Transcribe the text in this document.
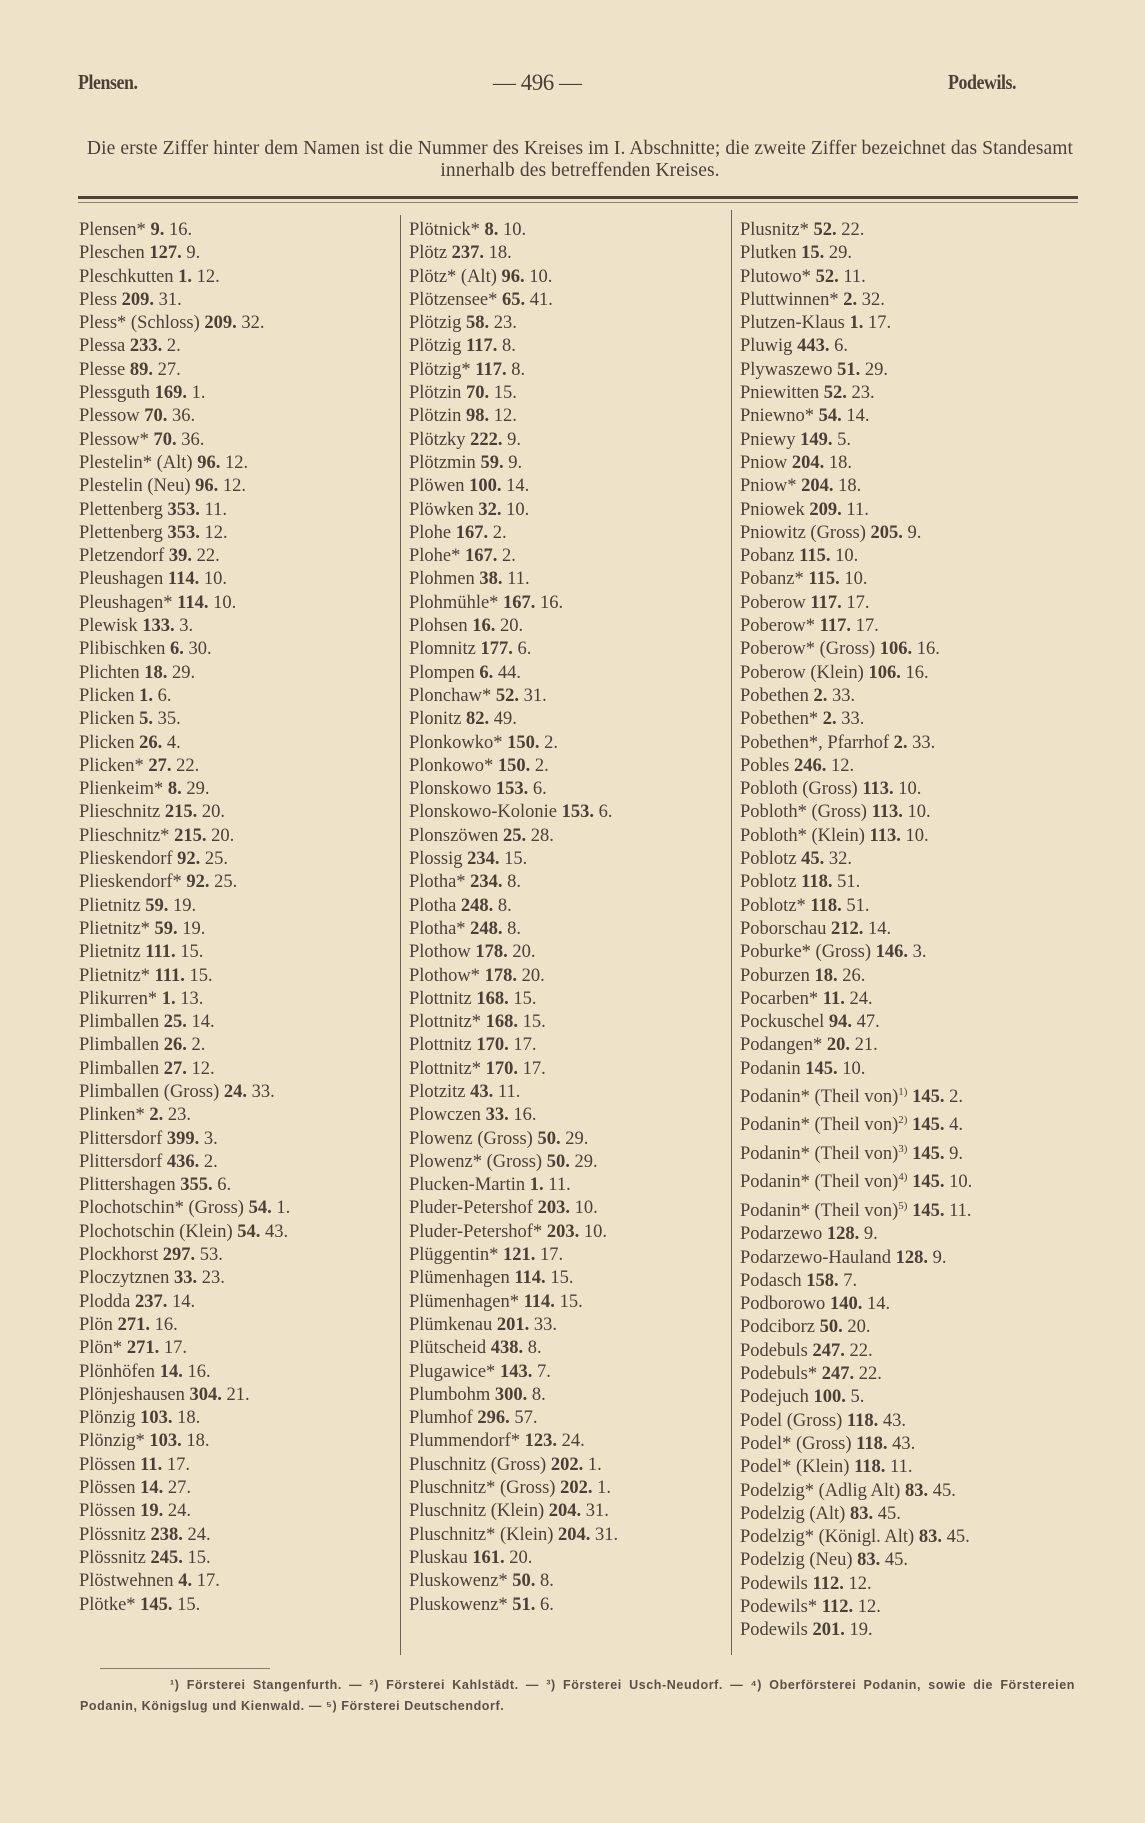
Plensen.	— 496 —	Podewils.
Die erste Ziffer hinter dem Namen ist die Nummer des Kreises im I. Abschnitte; die zweite Ziffer bezeichnet das Standesamt innerhalb des betreffenden Kreises.
Plensen* 9. 16.
Pleschen 127. 9.
Pleschkutten 1. 12.
Pless 209. 31.
Pless* (Schloss) 209. 32.
Plessa 233. 2.
Plesse 89. 27.
Plessguth 169. 1.
Plessow 70. 36.
Plessow* 70. 36.
Plestelin* (Alt) 96. 12.
Plestelin (Neu) 96. 12.
Plettenberg 353. 11.
Plettenberg 353. 12.
Pletzendorf 39. 22.
Pleushagen 114. 10.
Pleushagen* 114. 10.
Plewisk 133. 3.
Plibischken 6. 30.
Plichten 18. 29.
Plicken 1. 6.
Plicken 5. 35.
Plicken 26. 4.
Plicken* 27. 22.
Plienkeim* 8. 29.
Plieschnitz 215. 20.
Plieschnitz* 215. 20.
Plieskendorf 92. 25.
Plieskendorf* 92. 25.
Plietnitz 59. 19.
Plietnitz* 59. 19.
Plietnitz 111. 15.
Plietnitz* 111. 15.
Plikurren* 1. 13.
Plimballen 25. 14.
Plimballen 26. 2.
Plimballen 27. 12.
Plimballen (Gross) 24. 33.
Plinken* 2. 23.
Plittersdorf 399. 3.
Plittersdorf 436. 2.
Plittershagen 355. 6.
Plochotschin* (Gross) 54. 1.
Plochotschin (Klein) 54. 43.
Plockhorst 297. 53.
Ploczytznen 33. 23.
Plodda 237. 14.
Plön 271. 16.
Plön* 271. 17.
Plönhöfen 14. 16.
Plönjeshausen 304. 21.
Plönzig 103. 18.
Plönzig* 103. 18.
Plössen 11. 17.
Plössen 14. 27.
Plössen 19. 24.
Plössnitz 238. 24.
Plössnitz 245. 15.
Plöstwehnen 4. 17.
Plötke* 145. 15.
Plötnick* 8. 10.
Plötz 237. 18.
Plötz* (Alt) 96. 10.
Plötzensee* 65. 41.
Plötzig 58. 23.
Plötzig 117. 8.
Plötzig* 117. 8.
Plötzin 70. 15.
Plötzin 98. 12.
Plötzky 222. 9.
Plötzmin 59. 9.
Plöwen 100. 14.
Plöwken 32. 10.
Plohe 167. 2.
Plohe* 167. 2.
Plohmen 38. 11.
Plohmühle* 167. 16.
Plohsen 16. 20.
Plomnitz 177. 6.
Plompen 6. 44.
Plonchaw* 52. 31.
Plonitz 82. 49.
Plonkowko* 150. 2.
Plonkowo* 150. 2.
Plonskowo 153. 6.
Plonskowo-Kolonie 153. 6.
Plonszöwen 25. 28.
Plossig 234. 15.
Plotha* 234. 8.
Plotha 248. 8.
Plotha* 248. 8.
Plothow 178. 20.
Plothow* 178. 20.
Plottnitz 168. 15.
Plottnitz* 168. 15.
Plottnitz 170. 17.
Plottnitz* 170. 17.
Plotzitz 43. 11.
Plowczen 33. 16.
Plowenz (Gross) 50. 29.
Plowenz* (Gross) 50. 29.
Plucken-Martin 1. 11.
Pluder-Petershof 203. 10.
Pluder-Petershof* 203. 10.
Plüggentin* 121. 17.
Plümenhagen 114. 15.
Plümenhagen* 114. 15.
Plümkenau 201. 33.
Plütscheid 438. 8.
Plugawice* 143. 7.
Plumbohm 300. 8.
Plumhof 296. 57.
Plummendorf* 123. 24.
Pluschnitz (Gross) 202. 1.
Pluschnitz* (Gross) 202. 1.
Pluschnitz (Klein) 204. 31.
Pluschnitz* (Klein) 204. 31.
Pluskau 161. 20.
Pluskowenz* 50. 8.
Pluskowenz* 51. 6.
Plusnitz* 52. 22.
Plutken 15. 29.
Plutowo* 52. 11.
Pluttwinnen* 2. 32.
Plutzen-Klaus 1. 17.
Pluwig 443. 6.
Plywaszewo 51. 29.
Pniewitten 52. 23.
Pniewno* 54. 14.
Pniewy 149. 5.
Pniow 204. 18.
Pniow* 204. 18.
Pniowek 209. 11.
Pniowitz (Gross) 205. 9.
Pobanz 115. 10.
Pobanz* 115. 10.
Poberow 117. 17.
Poberow* 117. 17.
Poberow* (Gross) 106. 16.
Poberow (Klein) 106. 16.
Pobethen 2. 33.
Pobethen* 2. 33.
Pobethen*, Pfarrhof 2. 33.
Pobles 246. 12.
Pobloth (Gross) 113. 10.
Pobloth* (Gross) 113. 10.
Pobloth* (Klein) 113. 10.
Poblotz 45. 32.
Poblotz 118. 51.
Poblotz* 118. 51.
Poborschau 212. 14.
Poburke* (Gross) 146. 3.
Poburzen 18. 26.
Pocarben* 11. 24.
Pockuschel 94. 47.
Podangen* 20. 21.
Podanin 145. 10.
Podanin* (Theil von)$^{1)}$ 145. 2.
Podanin* (Theil von)$^{2)}$ 145. 4.
Podanin* (Theil von)$^{3)}$ 145. 9.
Podanin* (Theil von)$^{4)}$ 145. 10.
Podanin* (Theil von)$^{5)}$ 145. 11.
Podarzewo 128. 9.
Podarzewo-Hauland 128. 9.
Podasch 158. 7.
Podborowo 140. 14.
Podciborz 50. 20.
Podebuls 247. 22.
Podebuls* 247. 22.
Podejuch 100. 5.
Podel (Gross) 118. 43.
Podel* (Gross) 118. 43.
Podel* (Klein) 118. 11.
Podelzig* (Adlig Alt) 83. 45.
Podelzig (Alt) 83. 45.
Podelzig* (Königl. Alt) 83. 45.
Podelzig (Neu) 83. 45.
Podewils 112. 12.
Podewils* 112. 12.
Podewils 201. 19.
¹) Försterei Stangenfurth. — ²) Försterei Kahlstädt. — ³) Försterei Usch-Neudorf. — ⁴) Oberförsterei Podanin, sowie die Förstereien Podanin, Königslug und Kienwald. — ⁵) Försterei Deutschendorf.
